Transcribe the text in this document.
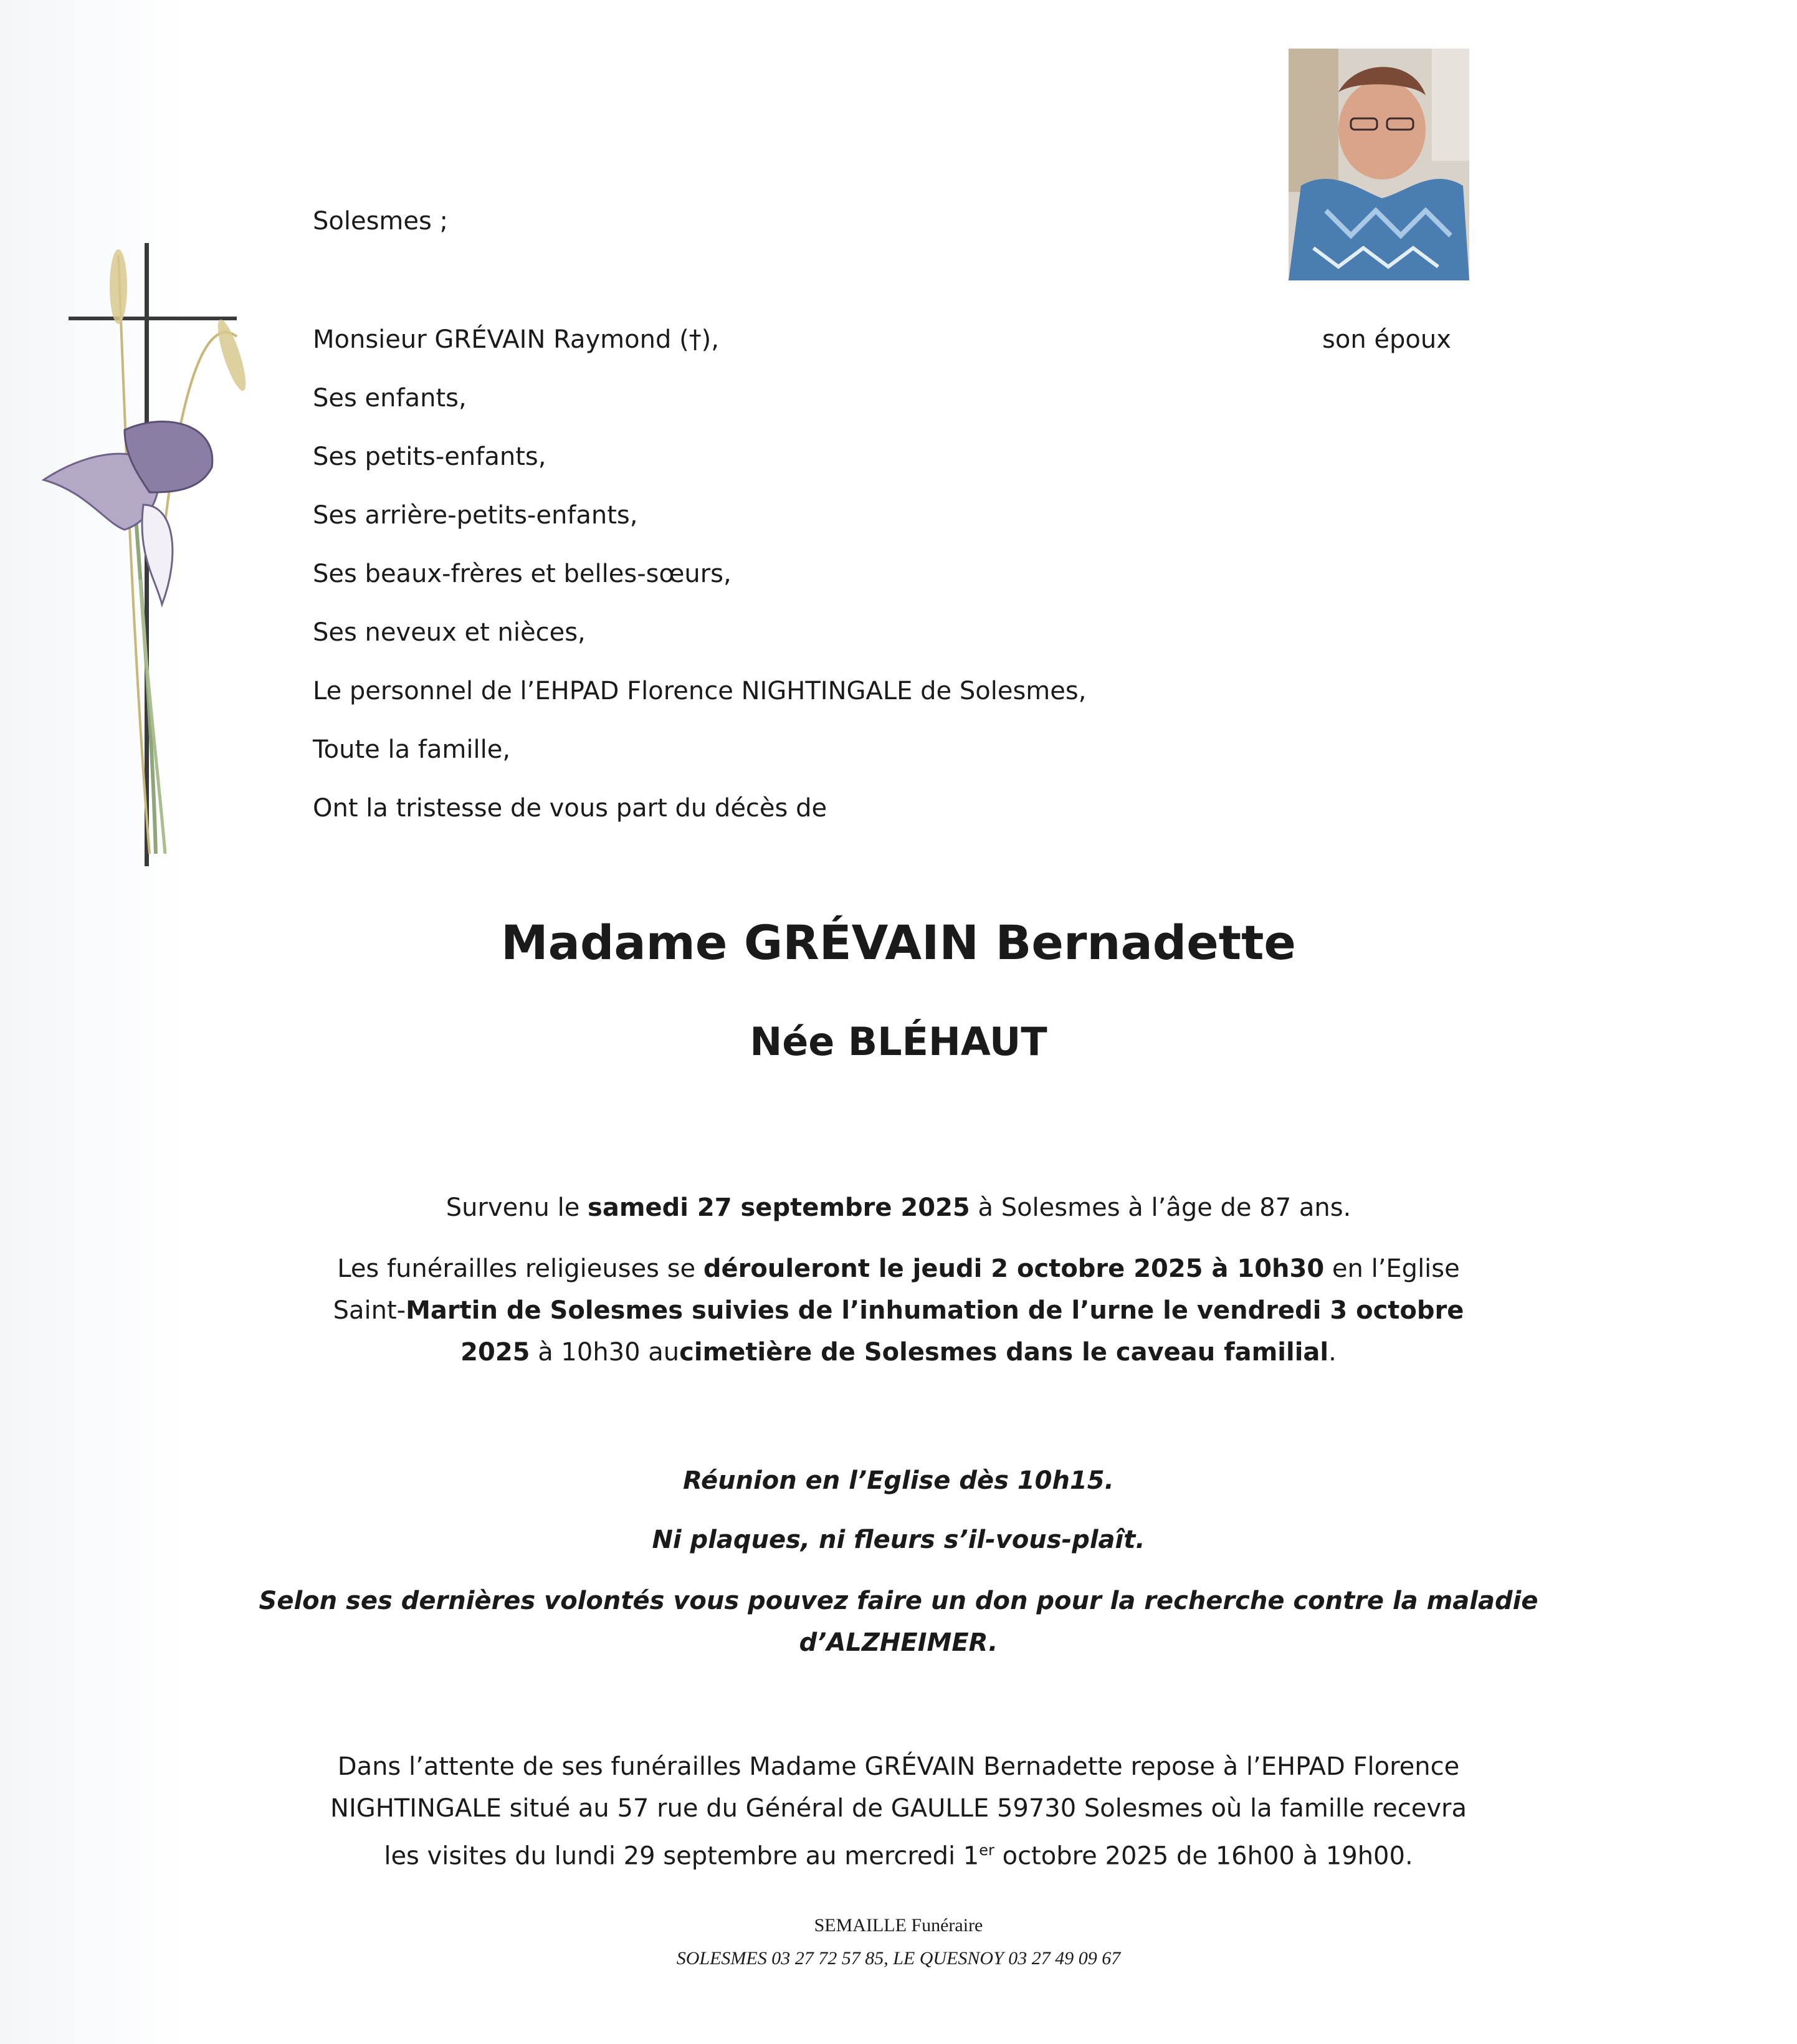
Solesmes ;
Monsieur GRÉVAIN Raymond (†),	son époux
Ses enfants,
Ses petits-enfants,
Ses arrière-petits-enfants,
Ses beaux-frères et belles-sœurs,
Ses neveux et nièces,
Le personnel de l’EHPAD Florence NIGHTINGALE de Solesmes,
Toute la famille,
Ont la tristesse de vous part du décès de
Madame GRÉVAIN Bernadette
Née BLÉHAUT
Survenu le samedi 27 septembre 2025 à Solesmes à l’âge de 87 ans.
Les funérailles religieuses se dérouleront le jeudi 2 octobre 2025 à 10h30 en l’Eglise Saint-Martin de Solesmes suivies de l’inhumation de l’urne le vendredi 3 octobre 2025 à 10h30 aucimetière de Solesmes dans le caveau familial.
Réunion en l’Eglise dès 10h15.
Ni plaques, ni fleurs s’il-vous-plaît.
Selon ses dernières volontés vous pouvez faire un don pour la recherche contre la maladie
d’ALZHEIMER.
Dans l’attente de ses funérailles Madame GRÉVAIN Bernadette repose à l’EHPAD Florence
NIGHTINGALE situé au 57 rue du Général de GAULLE 59730 Solesmes où la famille recevra
les visites du lundi 29 septembre au mercredi 1er octobre 2025 de 16h00 à 19h00.
SEMAILLE Funéraire
SOLESMES 03 27 72 57 85, LE QUESNOY 03 27 49 09 67
